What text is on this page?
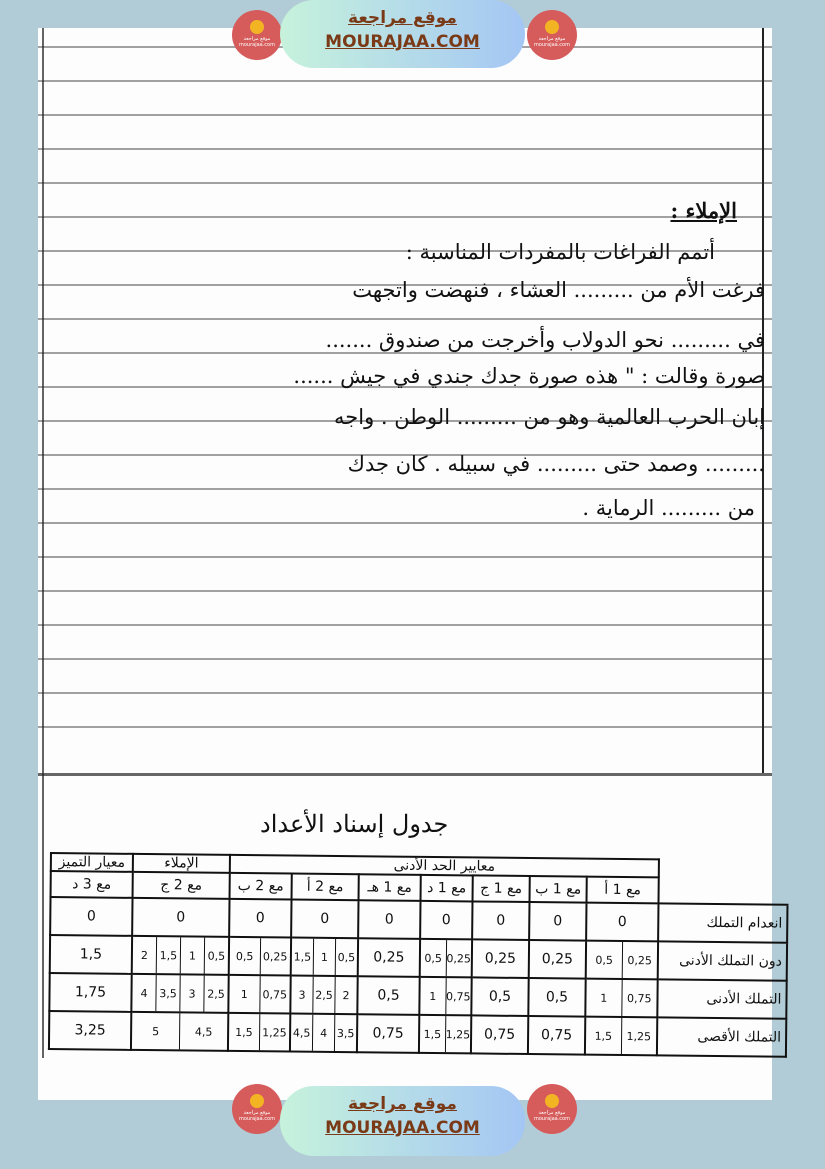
موقع مراجعة
mourajaa.com
موقع مراجعة
MOURAJAA.COM	موقع مراجعة
mourajaa.com
الإملاء :
أتمم الفراغات بالمفردات المناسبة :
فرغت الأم من ......... العشاء ، فنهضت واتجهت
في ......... نحو الدولاب وأخرجت من صندوق .......
صورة وقالت : " هذه صورة جدك جندي في جيش ......
إبان الحرب العالمية وهو من ......... الوطن . واجه
......... وصمد حتى ......... في سبيله . كان جدك
من ......... الرماية .
جدول إسناد الأعداد
معيار التميز	الإملاء	معايير الحد الأدنى							
مع 3 د	مع 2 ج	مع 2 ب	مع 2 أ	مع 1 هـ	مع 1 د	مع 1 ج	مع 1 ب	مع 1 أ	
0	0	0	0	0	0	0	0	0	انعدام التملك
1,5	2 1,5 1 0,5	0,5 0,25	1,5 1 0,5	0,25	0,5 0,25	0,25	0,25	0,5 0,25	دون التملك الأدنى
1,75	4 3,5 3 2,5	1 0,75	3 2,5 2	0,5	1 0,75	0,5	0,5	1 0,75	التملك الأدنى
3,25	5 4,5	1,5 1,25	4,5 4 3,5	0,75	1,5 1,25	0,75	0,75	1,5 1,25	التملك الأقصى
موقع مراجعة
mourajaa.com
موقع مراجعة
MOURAJAA.COM
موقع مراجعة
mourajaa.com
